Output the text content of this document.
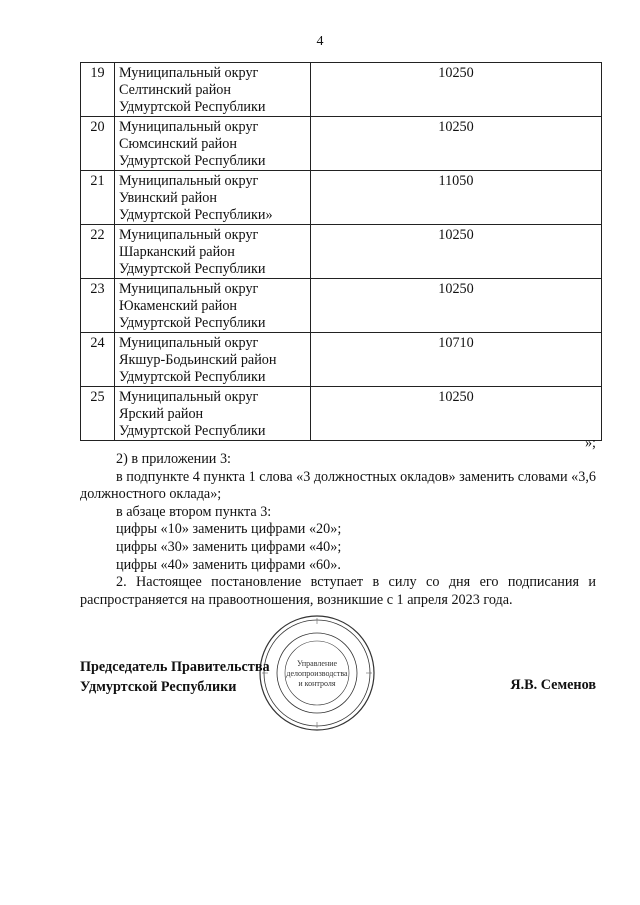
4
19	Муниципальный округ
Селтинский район
Удмуртской Республики	10250
20	Муниципальный округ
Сюмсинский район
Удмуртской Республики	10250
21	Муниципальный округ
Увинский район
Удмуртской Республики»	11050
22	Муниципальный округ
Шарканский район
Удмуртской Республики	10250
23	Муниципальный округ
Юкаменский район
Удмуртской Республики	10250
24	Муниципальный округ
Якшур-Бодьинский район
Удмуртской Республики	10710
25	Муниципальный округ
Ярский район
Удмуртской Республики	10250
»;

2) в приложении 3:

в подпункте 4 пункта 1 слова «3 должностных окладов» заменить словами «3,6 должностного оклада»;

в абзаце втором пункта 3:

цифры «10» заменить цифрами «20»;

цифры «30» заменить цифрами «40»;

цифры «40» заменить цифрами «60».

2. Настоящее постановление вступает в силу со дня его подписания и распространяется на правоотношения, возникшие с 1 апреля 2023 года.

Управление
делопроизводства
и контроля
Председатель Правительства
Удмуртской Республики	Я.В. Семенов
